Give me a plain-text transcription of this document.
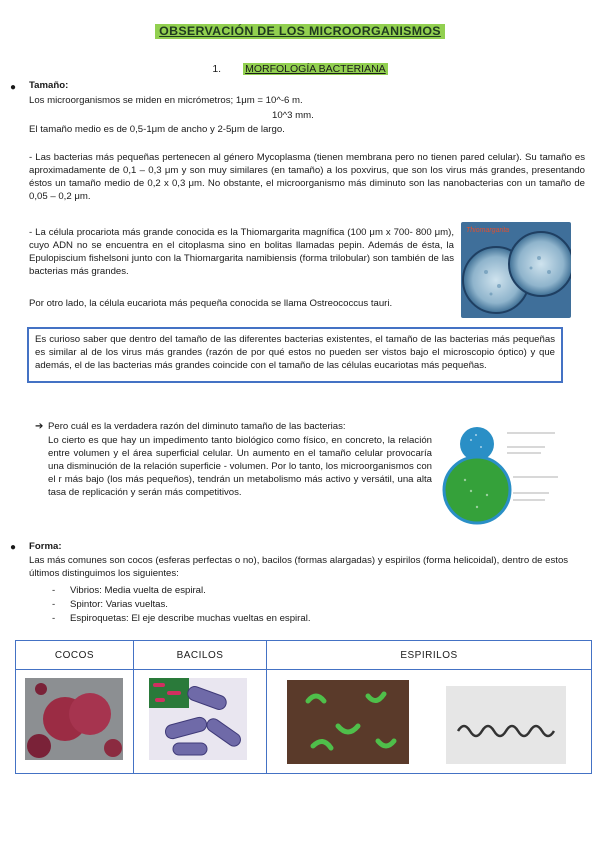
OBSERVACIÓN DE LOS MICROORGANISMOS
1. MORFOLOGÍA BACTERIANA
● Tamaño:
Los microorganismos se miden en micrómetros; 1μm = 10^-6 m.
10^3 mm.
El tamaño medio es de 0,5-1μm de ancho y 2-5μm de largo.
- Las bacterias más pequeñas pertenecen al género Mycoplasma (tienen membrana pero no tienen pared celular). Su tamaño es aproximadamente de 0,1 – 0,3 μm y son muy similares (en tamaño) a los poxvirus, que son los virus más grandes, presentando éstos un tamaño medio de 0,2 x 0,3 μm. No obstante, el microorganismo más diminuto son las nanobacterias con un tamaño de 0,05 – 0,2 μm.
- La célula procariota más grande conocida es la Thiomargarita magnífica (100 μm x 700- 800 μm), cuyo ADN no se encuentra en el citoplasma sino en bolitas llamadas pepin. Además de ésta, la Epulopiscium fishelsoni junto con la Thiomargarita namibiensis (forma trilobular) son también de las bacterias más grandes.
Por otro lado, la célula eucariota más pequeña conocida se llama Ostreococcus tauri.
Thiomargarita
Es curioso saber que dentro del tamaño de las diferentes bacterias existentes, el tamaño de las bacterias más pequeñas es similar al de los virus más grandes (razón de por qué estos no pueden ser vistos bajo el microscopio óptico) y que además, el de las bacterias más grandes coincide con el tamaño de las células eucariotas más pequeñas.
➔ Pero cuál es la verdadera razón del diminuto tamaño de las bacterias:
Lo cierto es que hay un impedimento tanto biológico como físico, en concreto, la relación entre volumen y el área superficial celular. Un aumento en el tamaño celular provocaría una disminución de la relación superficie - volumen. Por lo tanto, los microorganismos con el r más bajo (los más pequeños), tendrán un metabolismo más activo y versátil, una alta tasa de replicación y serán más competitivos.
● Forma:
Las más comunes son cocos (esferas perfectas o no), bacilos (formas alargadas) y espirilos (forma helicoidal), dentro de estos últimos distinguimos los siguientes:
- Vibrios: Media vuelta de espiral.
- Spintor: Varias vueltas.
- Espiroquetas: El eje describe muchas vueltas en espiral.
COCOS	BACILOS	ESPIRILOS
